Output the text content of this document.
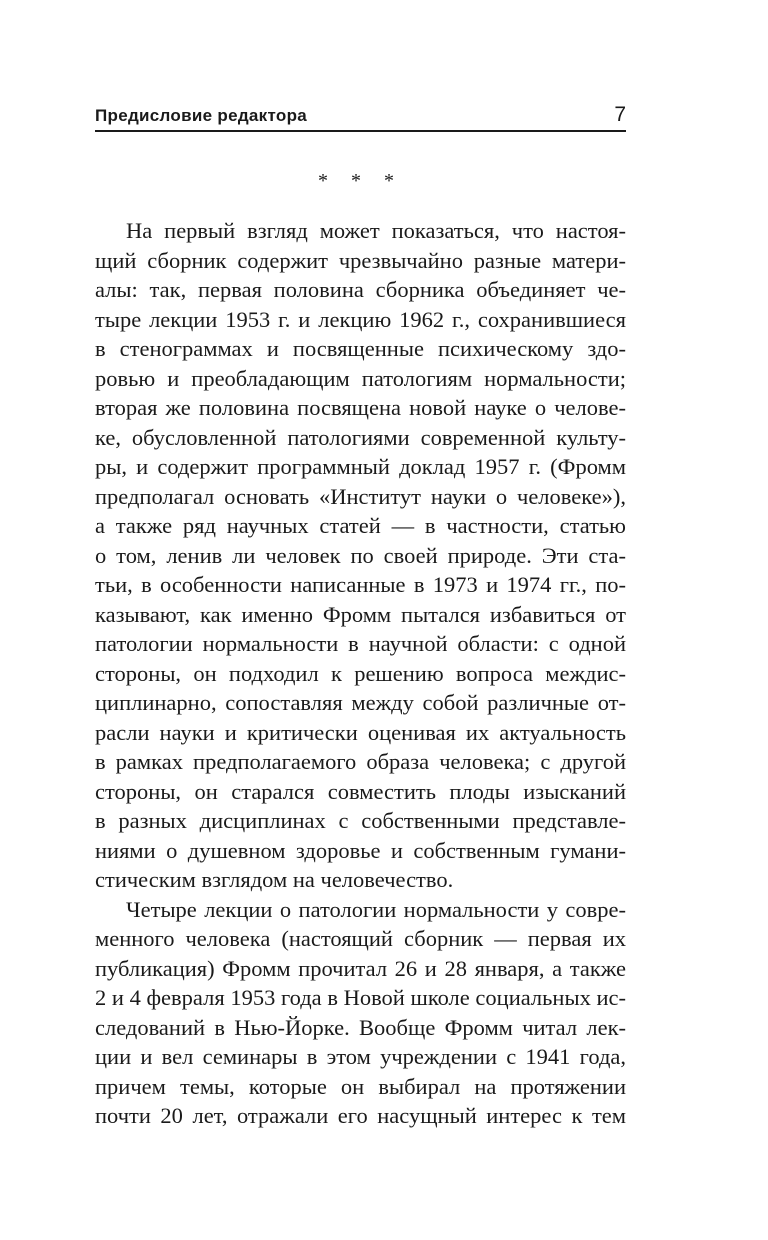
Предисловие редактора	7
* * *
На первый взгляд может показаться, что настоя-
щий сборник содержит чрезвычайно разные матери-
алы: так, первая половина сборника объединяет че-
тыре лекции 1953 г. и лекцию 1962 г., сохранившиеся
в стенограммах и посвященные психическому здо-
ровью и преобладающим патологиям нормальности;
вторая же половина посвящена новой науке о челове-
ке, обусловленной патологиями современной культу-
ры, и содержит программный доклад 1957 г. (Фромм
предполагал основать «Институт науки о человеке»),
а также ряд научных статей — в частности, статью
о том, ленив ли человек по своей природе. Эти ста-
тьи, в особенности написанные в 1973 и 1974 гг., по-
казывают, как именно Фромм пытался избавиться от
патологии нормальности в научной области: с одной
стороны, он подходил к решению вопроса междис-
циплинарно, сопоставляя между собой различные от-
расли науки и критически оценивая их актуальность
в рамках предполагаемого образа человека; с другой
стороны, он старался совместить плоды изысканий
в разных дисциплинах с собственными представле-
ниями о душевном здоровье и собственным гумани-
стическим взглядом на человечество.
Четыре лекции о патологии нормальности у совре-
менного человека (настоящий сборник — первая их
публикация) Фромм прочитал 26 и 28 января, а также
2 и 4 февраля 1953 года в Новой школе социальных ис-
следований в Нью-Йорке. Вообще Фромм читал лек-
ции и вел семинары в этом учреждении с 1941 года,
причем темы, которые он выбирал на протяжении
почти 20 лет, отражали его насущный интерес к тем
